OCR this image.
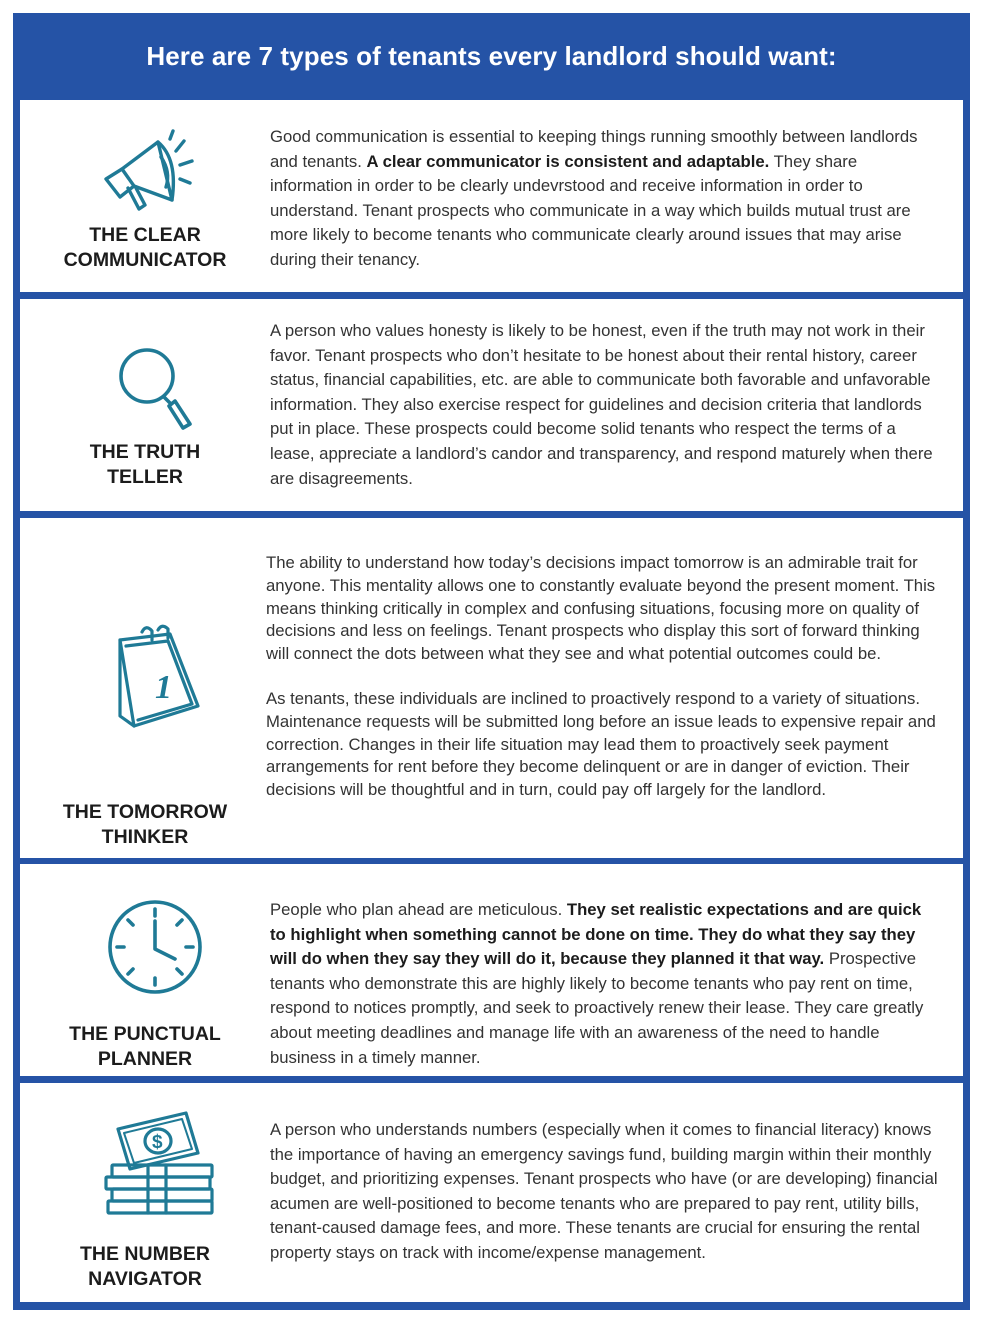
Here are 7 types of tenants every landlord should want:
THE CLEAR
COMMUNICATOR

Good communication is essential to keeping things running smoothly between landlords and tenants. A clear communicator is consistent and adaptable. They share information in order to be clearly undevrstood and receive information in order to understand. Tenant prospects who communicate in a way which builds mutual trust are more likely to become tenants who communicate clearly around issues that may arise during their tenancy.

THE TRUTH
TELLER

A person who values honesty is likely to be honest, even if the truth may not work in their favor. Tenant prospects who don’t hesitate to be honest about their rental history, career status, financial capabilities, etc. are able to communicate both favorable and unfavorable information. They also exercise respect for guidelines and decision criteria that landlords put in place. These prospects could become solid tenants who respect the terms of a lease, appreciate a landlord’s candor and transparency, and respond maturely when there are disagreements.

1
THE TOMORROW
THINKER

The ability to understand how today’s decisions impact tomorrow is an admirable trait for anyone. This mentality allows one to constantly evaluate beyond the present moment. This means thinking critically in complex and confusing situations, focusing more on quality of decisions and less on feelings. Tenant prospects who display this sort of forward thinking will connect the dots between what they see and what potential outcomes could be.

As tenants, these individuals are inclined to proactively respond to a variety of situations. Maintenance requests will be submitted long before an issue leads to expensive repair and correction. Changes in their life situation may lead them to proactively seek payment arrangements for rent before they become delinquent or are in danger of eviction. Their decisions will be thoughtful and in turn, could pay off largely for the landlord.

THE PUNCTUAL
PLANNER

People who plan ahead are meticulous. They set realistic expectations and are quick to highlight when something cannot be done on time. They do what they say they will do when they say they will do it, because they planned it that way. Prospective tenants who demonstrate this are highly likely to become tenants who pay rent on time, respond to notices promptly, and seek to proactively renew their lease. They care greatly about meeting deadlines and manage life with an awareness of the need to handle business in a timely manner.

$
THE NUMBER
NAVIGATOR

A person who understands numbers (especially when it comes to financial literacy) knows the importance of having an emergency savings fund, building margin within their monthly budget, and prioritizing expenses. Tenant prospects who have (or are developing) financial acumen are well-positioned to become tenants who are prepared to pay rent, utility bills, tenant-caused damage fees, and more. These tenants are crucial for ensuring the rental property stays on track with income/expense management.
